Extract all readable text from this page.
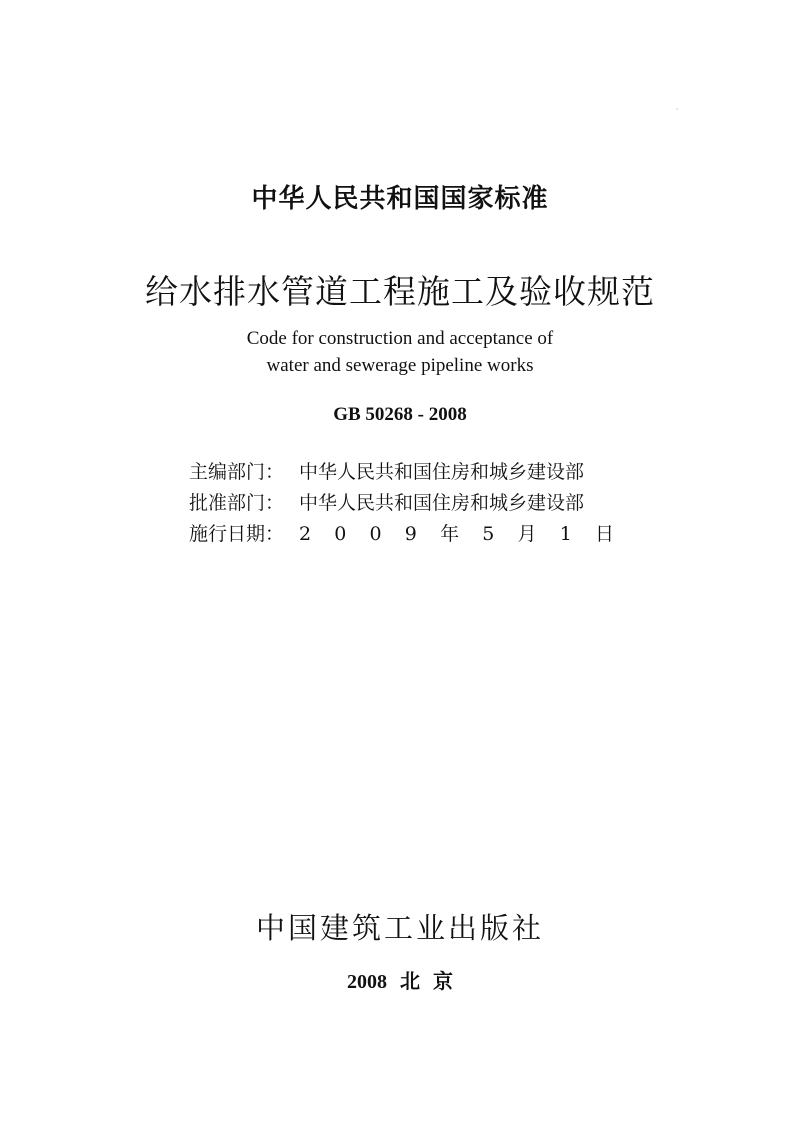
中华人民共和国国家标准
给水排水管道工程施工及验收规范
Code for construction and acceptance of
water and sewerage pipeline works
GB 50268 - 2008
主编部门： 中华人民共和国住房和城乡建设部
批准部门： 中华人民共和国住房和城乡建设部
施行日期： 2 0 0 9 年 5 月 1 日
中国建筑工业出版社
2008 北 京
